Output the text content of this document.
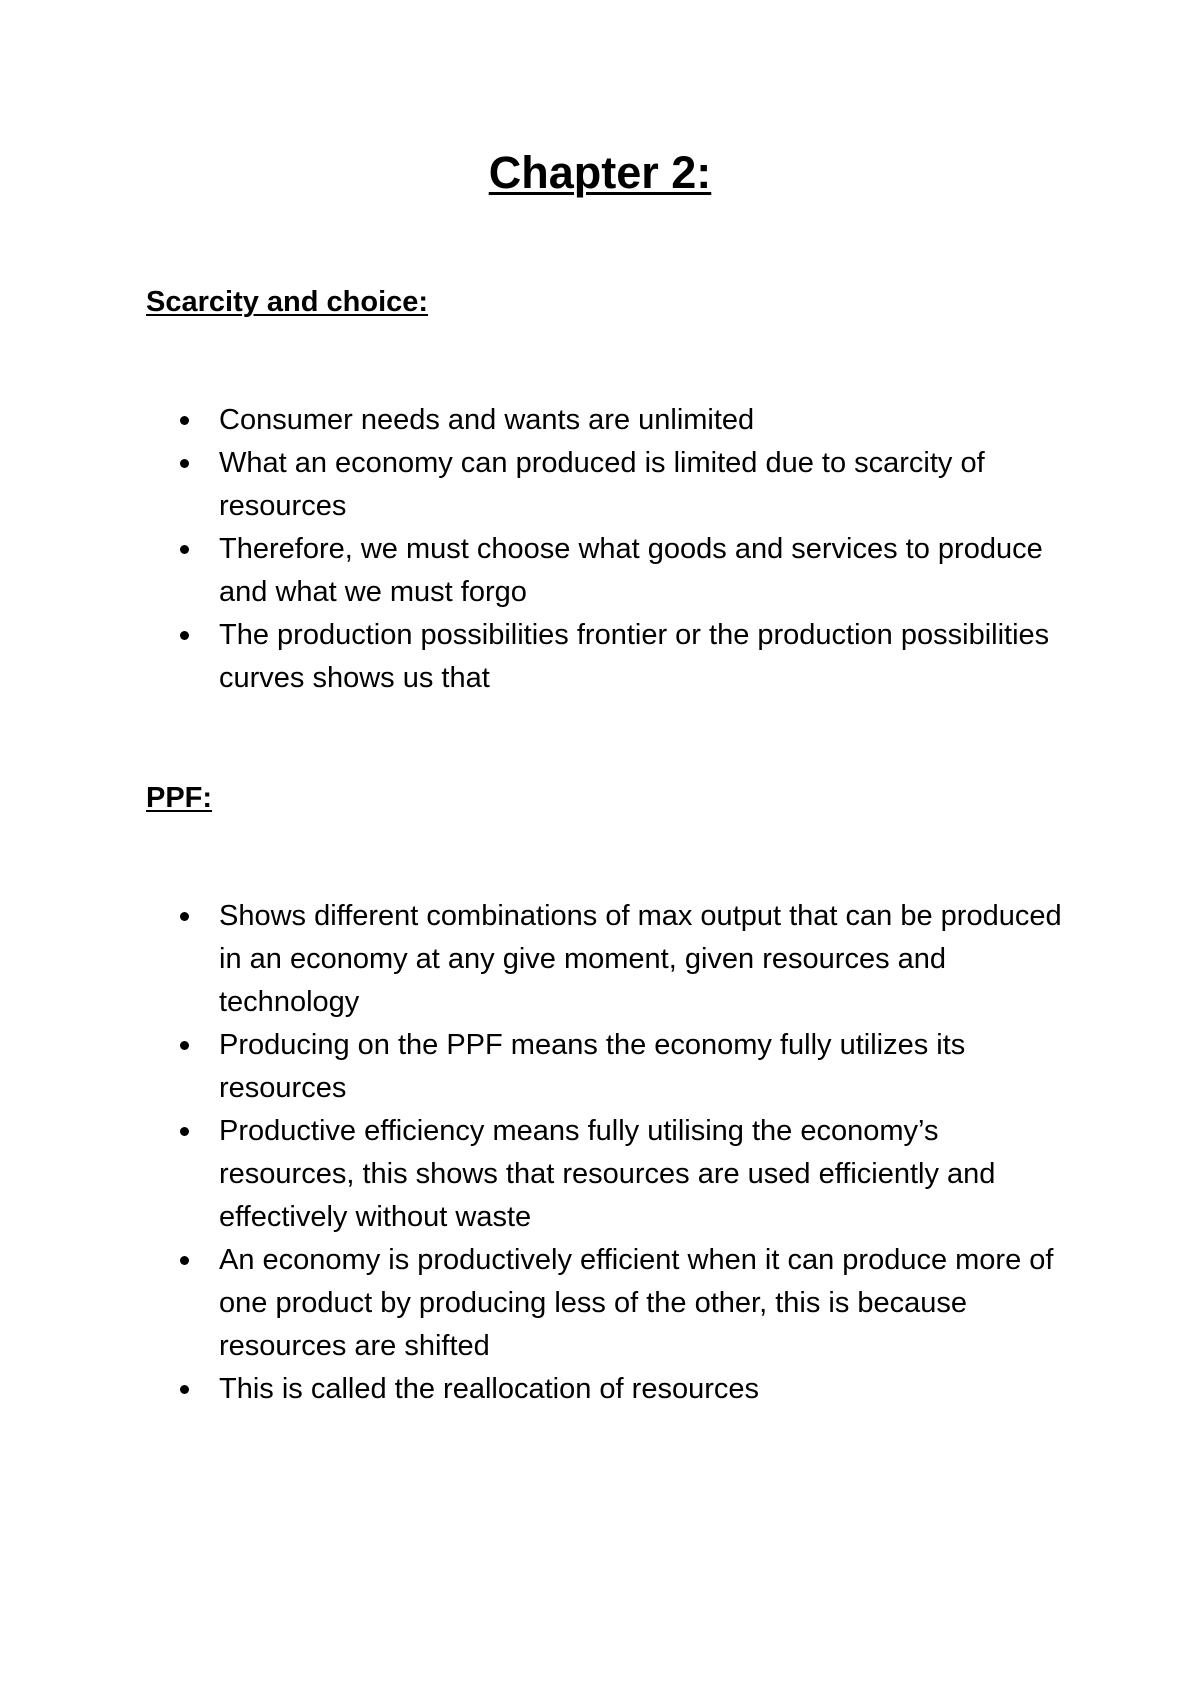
Chapter 2:
Scarcity and choice:
Consumer needs and wants are unlimited
What an economy can produced is limited due to scarcity of resources
Therefore, we must choose what goods and services to produce and what we must forgo
The production possibilities frontier or the production possibilities curves shows us that
PPF:
Shows different combinations of max output that can be produced in an economy at any give moment, given resources and technology
Producing on the PPF means the economy fully utilizes its resources
Productive efficiency means fully utilising the economy’s resources, this shows that resources are used efficiently and effectively without waste
An economy is productively efficient when it can produce more of one product by producing less of the other, this is because resources are shifted
This is called the reallocation of resources
